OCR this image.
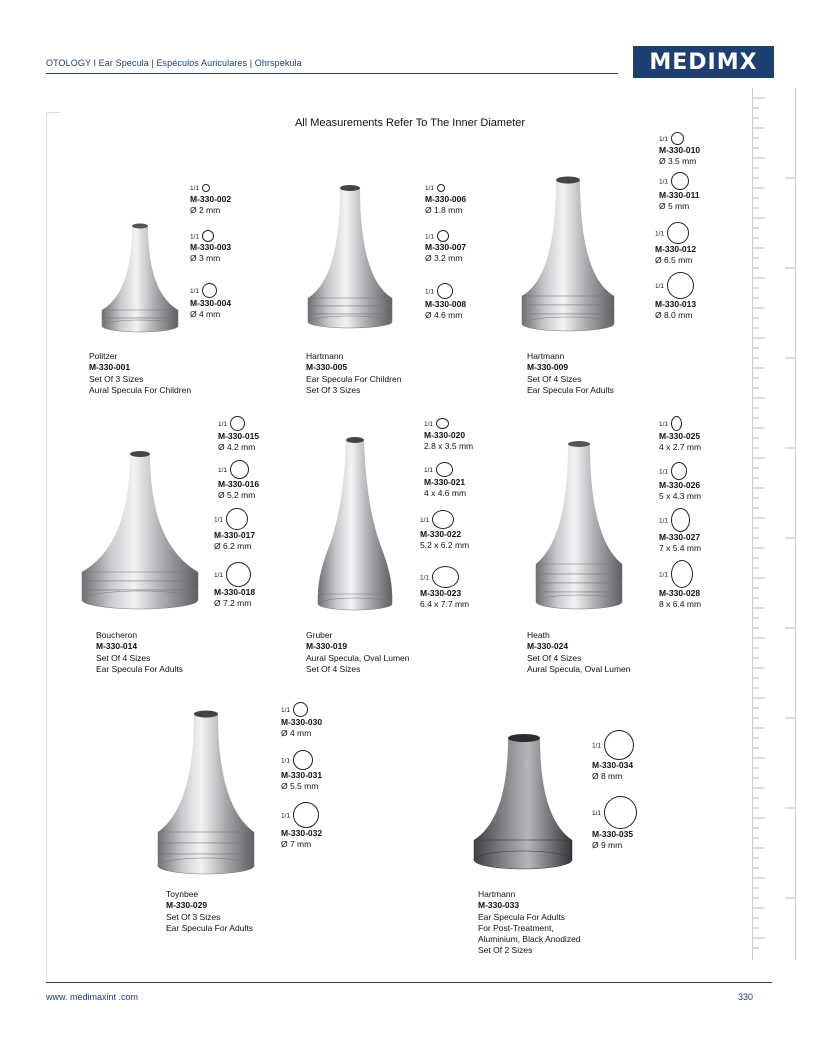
OTOLOGY I Ear Specula | Espéculos Auriculares | Ohrspekula	MEDIMX
All Measurements Refer To The Inner Diameter
Politzer
M-330-001
Set Of 3 Sizes
Aural Specula For Children
Hartmann
M-330-005
Ear Specula For Children
Set Of 3 Sizes
Hartmann
M-330-009
Set Of 4 Sizes
Ear Specula For Adults
Boucheron
M-330-014
Set Of 4 Sizes
Ear Specula For Adults
Gruber
M-330-019
Aural Specula, Oval Lumen
Set Of 4 Sizes
Heath
M-330-024
Set Of 4 Sizes
Aural Specula, Oval Lumen
Toynbee
M-330-029
Set Of 3 Sizes
Ear Specula For Adults
Hartmann
M-330-033
Ear Specula For Adults
For Post-Treatment,
Aluminium, Black Anodized
Set Of 2 Sizes
1/1
M-330-002
Ø 2 mm
1/1
M-330-003
Ø 3 mm
1/1
M-330-004
Ø 4 mm
1/1
M-330-006
Ø 1.8 mm
1/1
M-330-007
Ø 3.2 mm
1/1
M-330-008
Ø 4.6 mm
1/1
M-330-010
Ø 3.5 mm
1/1
M-330-011
Ø 5 mm
1/1
M-330-012
Ø 6.5 mm
1/1
M-330-013
Ø 8.0 mm
1/1
M-330-015
Ø 4.2 mm
1/1
M-330-016
Ø 5.2 mm
1/1
M-330-017
Ø 6.2 mm
1/1
M-330-018
Ø 7.2 mm
1/1
M-330-020
2.8 x 3.5 mm
1/1
M-330-021
4 x 4.6 mm
1/1
M-330-022
5.2 x 6.2 mm
1/1
M-330-023
6.4 x 7.7 mm
1/1
M-330-025
4 x 2.7 mm
1/1
M-330-026
5 x 4.3 mm
1/1
M-330-027
7 x 5.4 mm
1/1
M-330-028
8 x 6.4 mm
1/1
M-330-030
Ø 4 mm
1/1
M-330-031
Ø 5.5 mm
1/1
M-330-032
Ø 7 mm
1/1
M-330-034
Ø 8 mm
1/1
M-330-035
Ø 9 mm
www. medimaxint .com	330
